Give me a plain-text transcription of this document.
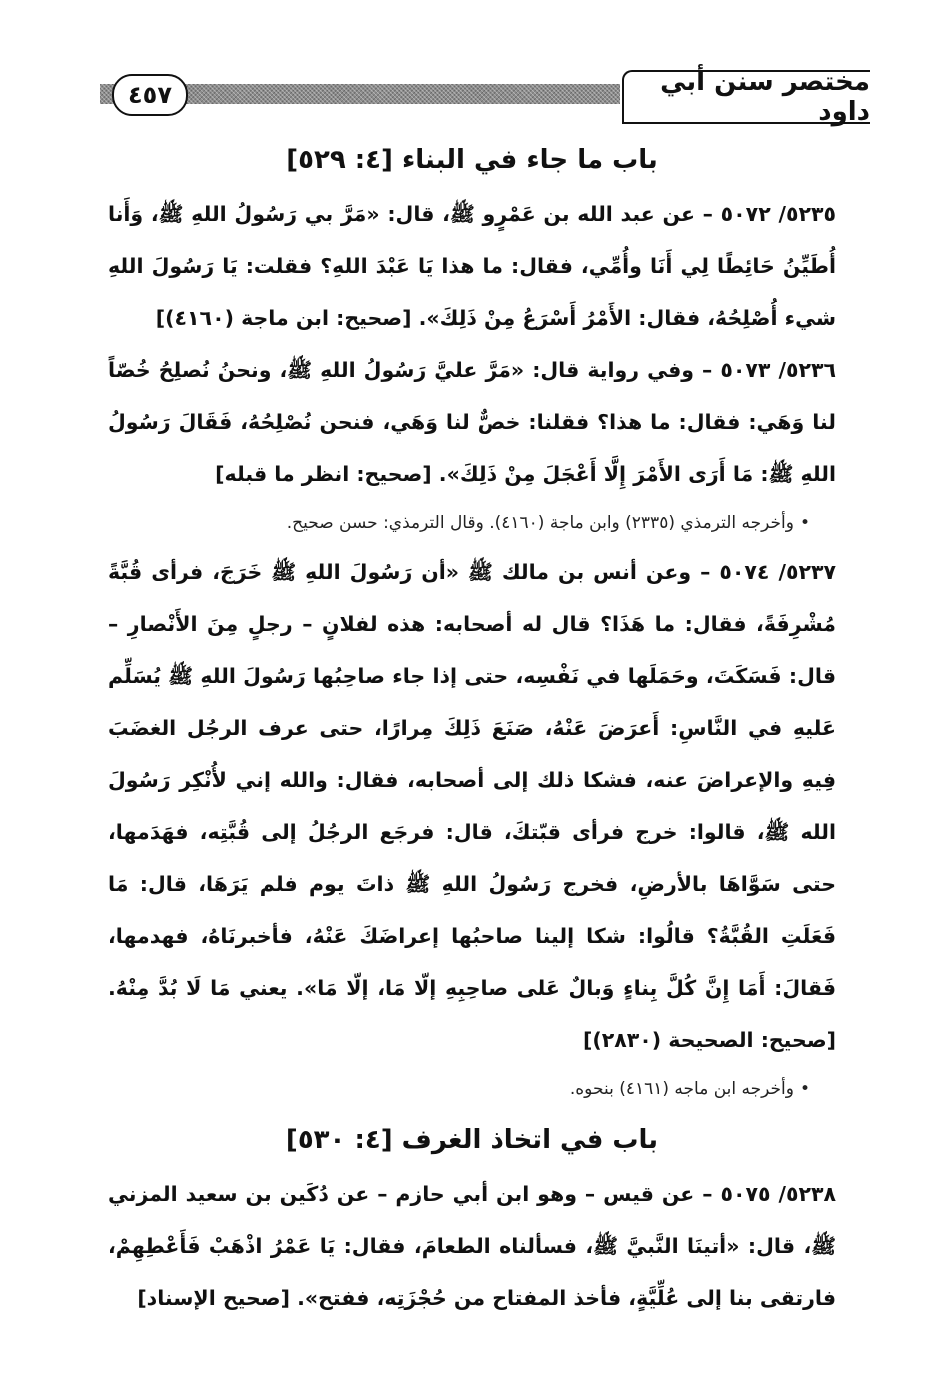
٤٥٧	مختصر سنن أبي داود
باب ما جاء في البناء [٤: ٥٢٩]

٥٢٣٥/ ٥٠٧٢ – عن عبد الله بن عَمْرٍو ﷺ، قال: «مَرَّ بي رَسُولُ اللهِ ﷺ، وَأَنا أُطَيِّنُ حَائِطًا لِي أَنَا وأُمِّي، فقال: ما هذا يَا عَبْدَ اللهِ؟ فقلت: يَا رَسُولَ اللهِ شيء أُصْلِحُهُ، فقال: الأَمْرُ أَسْرَعُ مِنْ ذَلِكَ». [صحيح: ابن ماجة (٤١٦٠)]

٥٢٣٦/ ٥٠٧٣ – وفي رواية قال: «مَرَّ عليَّ رَسُولُ اللهِ ﷺ، ونحنُ نُصلِحُ خُصّاً لنا وَهَي: فقال: ما هذا؟ فقلنا: خصٌّ لنا وَهَي، فنحن نُصْلِحُهُ، فَقَالَ رَسُولُ اللهِ ﷺ: مَا أَرَى الأَمْرَ إِلَّا أَعْجَلَ مِنْ ذَلِكَ». [صحيح: انظر ما قبله]

•وأخرجه الترمذي (٢٣٣٥) وابن ماجة (٤١٦٠). وقال الترمذي: حسن صحيح.

٥٢٣٧/ ٥٠٧٤ – وعن أنس بن مالك ﷺ «أن رَسُولَ اللهِ ﷺ خَرَجَ، فرأى قُبَّةً مُشْرِفَةً، فقال: ما هَذَا؟ قال له أصحابه: هذه لفلانٍ – رجلٍ مِنَ الأَنْصارِ – قال: فَسَكَتَ، وحَمَلَها في نَفْسِه، حتى إذا جاء صاحِبُها رَسُولَ اللهِ ﷺ يُسَلِّم عَليهِ في النَّاسِ: أَعرَضَ عَنْهُ، صَنَعَ ذَلِكَ مِرارًا، حتى عرف الرجُل الغضَبَ فِيهِ والإعراضَ عنه، فشكا ذلك إلى أصحابه، فقال: والله إني لأُنْكِر رَسُولَ الله ﷺ، قالوا: خرج فرأى قبّتكَ، قال: فرجَع الرجُلُ إلى قُبَّتِه، فهَدَمها، حتى سَوَّاهَا بالأرضِ، فخرج رَسُولُ اللهِ ﷺ ذاتَ يوم فلم يَرَهَا، قال: مَا فَعَلَتِ القُبَّةُ؟ قالُوا: شكا إلينا صاحبُها إعراضَكَ عَنْهُ، فأخبرنَاهُ، فهدمها، فَقالَ: أَمَا إِنَّ كُلَّ بِناءٍ وَبالٌ عَلى صاحِبِهِ إلّا مَا، إلّا مَا». يعني مَا لَا بُدَّ مِنْهُ. [صحيح: الصحيحة (٢٨٣٠)]

•وأخرجه ابن ماجه (٤١٦١) بنحوه.

باب في اتخاذ الغرف [٤: ٥٣٠]

٥٢٣٨/ ٥٠٧٥ – عن قيس – وهو ابن أبي حازم – عن دُكَين بن سعيد المزني ﷺ، قال: «أتينَا النَّبيَّ ﷺ، فسألناه الطعامَ، فقال: يَا عَمْرُ اذْهَبْ فَأَعْطِهِمْ، فارتقى بنا إلى عُلِّيَّةٍ، فأخذ المفتاح من حُجْزَتِه، ففتح». [صحيح الإسناد]
